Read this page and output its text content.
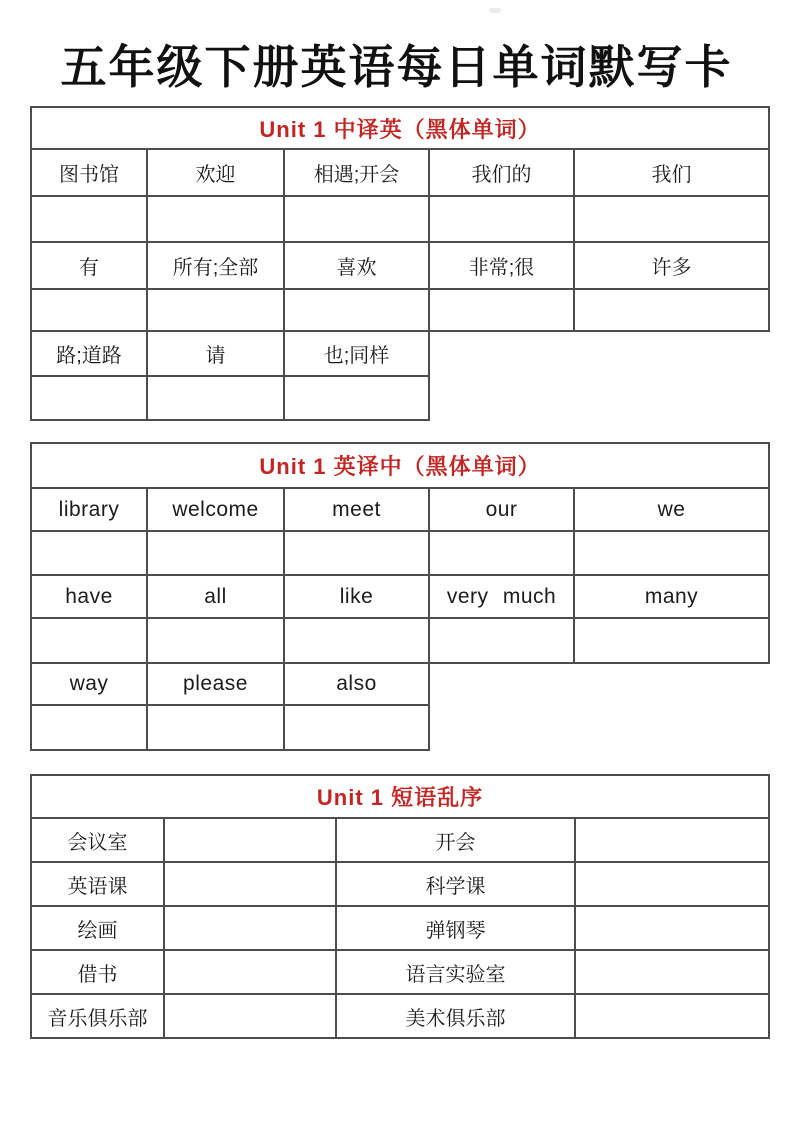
五年级下册英语每日单词默写卡
Unit 1 中译英（黑体单词）				
图书馆	欢迎	相遇;开会	我们的	我们

有	所有;全部	喜欢	非常;很	许多

路;道路	请	也;同样		

Unit 1 英译中（黑体单词）				
library	welcome	meet	our	we

have	all	like	very much	many

way	please	also		

Unit 1 短语乱序			
会议室		开会	
英语课		科学课	
绘画		弹钢琴	
借书		语言实验室	
音乐俱乐部		美术俱乐部	
